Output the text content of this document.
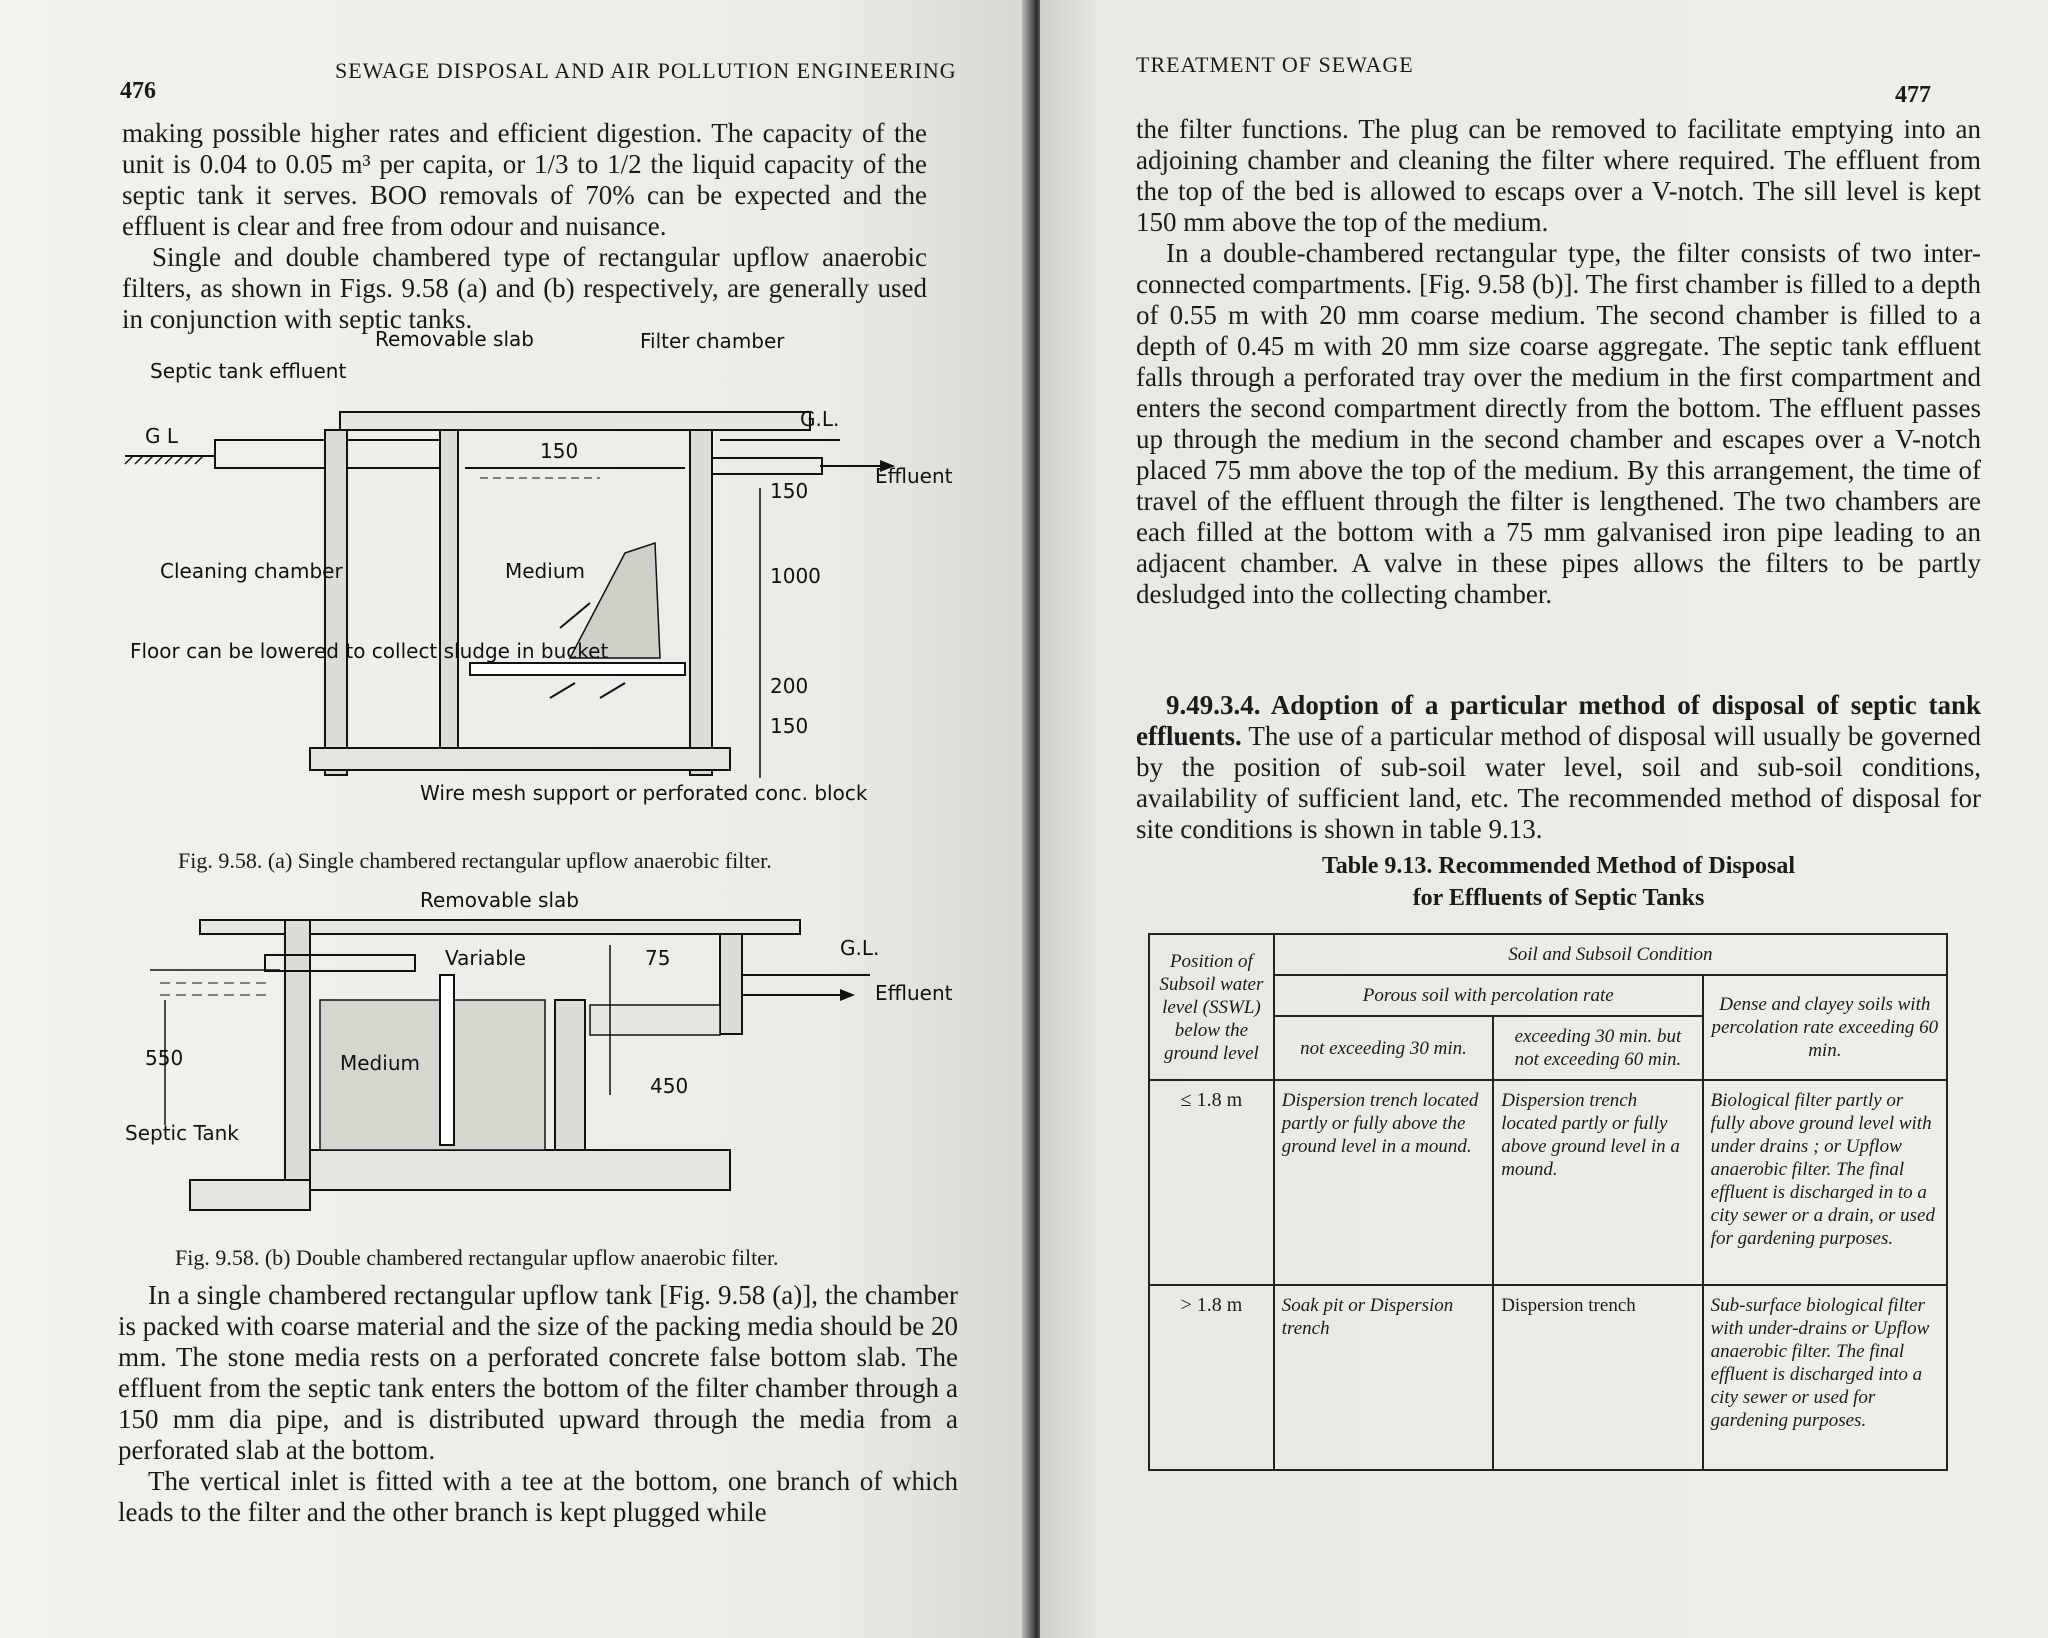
476
SEWAGE DISPOSAL AND AIR POLLUTION ENGINEERING

making possible higher rates and efficient digestion. The capacity of the unit is 0.04 to 0.05 m³ per capita, or 1/3 to 1/2 the liquid capacity of the septic tank it serves. BOO removals of 70% can be expected and the effluent is clear and free from odour and nuisance.

Single and double chambered type of rectangular upflow anaerobic filters, as shown in Figs. 9.58 (a) and (b) respectively, are generally used in conjunction with septic tanks.

Removable slab	Filter chamber
Septic tank effluent
G L
G.L.
Effluent
150
150
1000
200
150
Medium
Cleaning chamber
Floor can be lowered to collect sludge in bucket
Wire mesh support or perforated conc. block
Fig. 9.58. (a) Single chambered rectangular upflow anaerobic filter.
Removable slab
G.L.
Variable	75
Effluent
550	Medium
450
Septic Tank
Fig. 9.58. (b) Double chambered rectangular upflow anaerobic filter.

In a single chambered rectangular upflow tank [Fig. 9.58 (a)], the chamber is packed with coarse material and the size of the packing media should be 20 mm. The stone media rests on a perforated concrete false bottom slab. The effluent from the septic tank enters the bottom of the filter chamber through a 150 mm dia pipe, and is distributed upward through the media from a perforated slab at the bottom.

The vertical inlet is fitted with a tee at the bottom, one branch of which leads to the filter and the other branch is kept plugged while

TREATMENT OF SEWAGE
477

the filter functions. The plug can be removed to facilitate emptying into an adjoining chamber and cleaning the filter where required. The effluent from the top of the bed is allowed to escaps over a V-notch. The sill level is kept 150 mm above the top of the medium.

In a double-chambered rectangular type, the filter consists of two inter-connected compartments. [Fig. 9.58 (b)]. The first chamber is filled to a depth of 0.55 m with 20 mm coarse medium. The second chamber is filled to a depth of 0.45 m with 20 mm size coarse aggregate. The septic tank effluent falls through a perforated tray over the medium in the first compartment and enters the second compartment directly from the bottom. The effluent passes up through the medium in the second chamber and escapes over a V-notch placed 75 mm above the top of the medium. By this arrangement, the time of travel of the effluent through the filter is lengthened. The two chambers are each filled at the bottom with a 75 mm galvanised iron pipe leading to an adjacent chamber. A valve in these pipes allows the filters to be partly desludged into the collecting chamber.

9.49.3.4. Adoption of a particular method of disposal of septic tank effluents. The use of a particular method of disposal will usually be governed by the position of sub-soil water level, soil and sub-soil conditions, availability of sufficient land, etc. The recommended method of disposal for site conditions is shown in table 9.13.

Table 9.13. Recommended Method of Disposal
for Effluents of Septic Tanks
Position of Subsoil water level (SSWL) below the ground level	Soil and Subsoil Condition		
	Porous soil with percolation rate		Dense and clayey soils with percolation rate exceeding 60 min.
	not exceeding 30 min.	exceeding 30 min. but not exceeding 60 min.	
≤ 1.8 m	Dispersion trench located partly or fully above the ground level in a mound.	Dispersion trench located partly or fully above ground level in a mound.	Biological filter partly or fully above ground level with under drains ; or Upflow anaerobic filter. The final effluent is discharged in to a city sewer or a drain, or used for gardening purposes.
> 1.8 m	Soak pit or Dispersion trench	Dispersion trench	Sub-surface biological filter with under-drains or Upflow anaerobic filter. The final effluent is discharged into a city sewer or used for gardening purposes.
